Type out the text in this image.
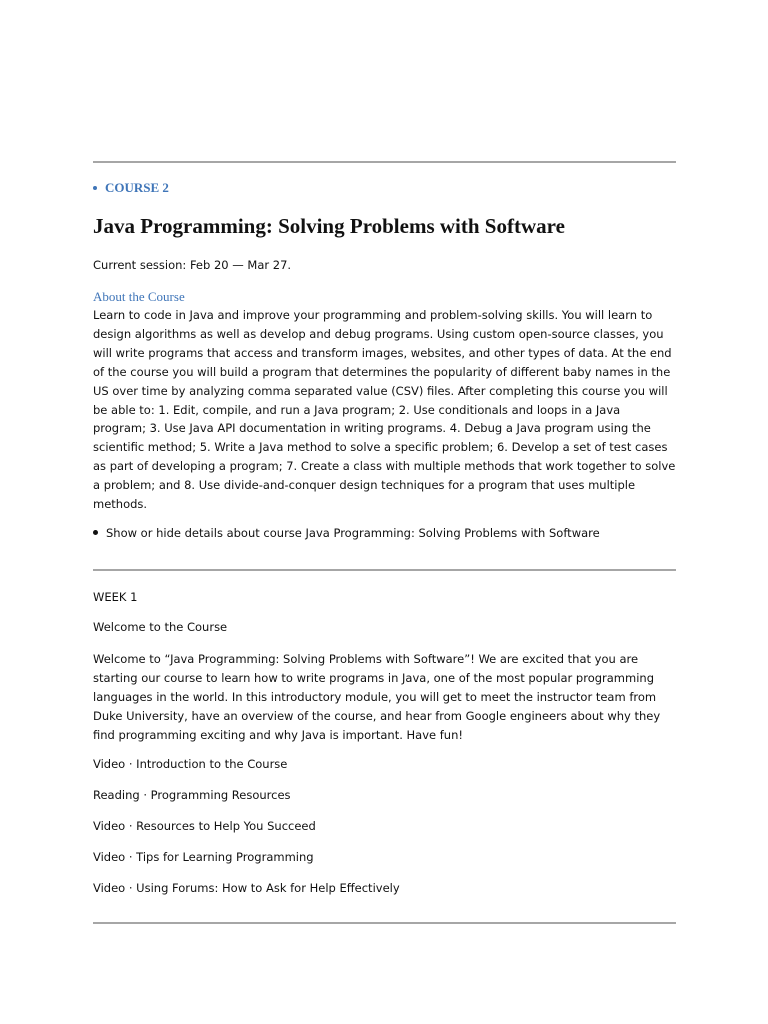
COURSE 2
Java Programming: Solving Problems with Software
Current session: Feb 20 — Mar 27.
About the Course
Learn to code in Java and improve your programming and problem-solving skills. You will learn to design algorithms as well as develop and debug programs. Using custom open-source classes, you will write programs that access and transform images, websites, and other types of data. At the end of the course you will build a program that determines the popularity of different baby names in the US over time by analyzing comma separated value (CSV) files. After completing this course you will be able to: 1. Edit, compile, and run a Java program; 2. Use conditionals and loops in a Java program; 3. Use Java API documentation in writing programs. 4. Debug a Java program using the scientific method; 5. Write a Java method to solve a specific problem; 6. Develop a set of test cases as part of developing a program; 7. Create a class with multiple methods that work together to solve a problem; and 8. Use divide-and-conquer design techniques for a program that uses multiple methods.
Show or hide details about course Java Programming: Solving Problems with Software
WEEK 1
Welcome to the Course
Welcome to “Java Programming: Solving Problems with Software”! We are excited that you are starting our course to learn how to write programs in Java, one of the most popular programming languages in the world. In this introductory module, you will get to meet the instructor team from Duke University, have an overview of the course, and hear from Google engineers about why they find programming exciting and why Java is important. Have fun!
Video · Introduction to the Course
Reading · Programming Resources
Video · Resources to Help You Succeed
Video · Tips for Learning Programming
Video · Using Forums: How to Ask for Help Effectively
